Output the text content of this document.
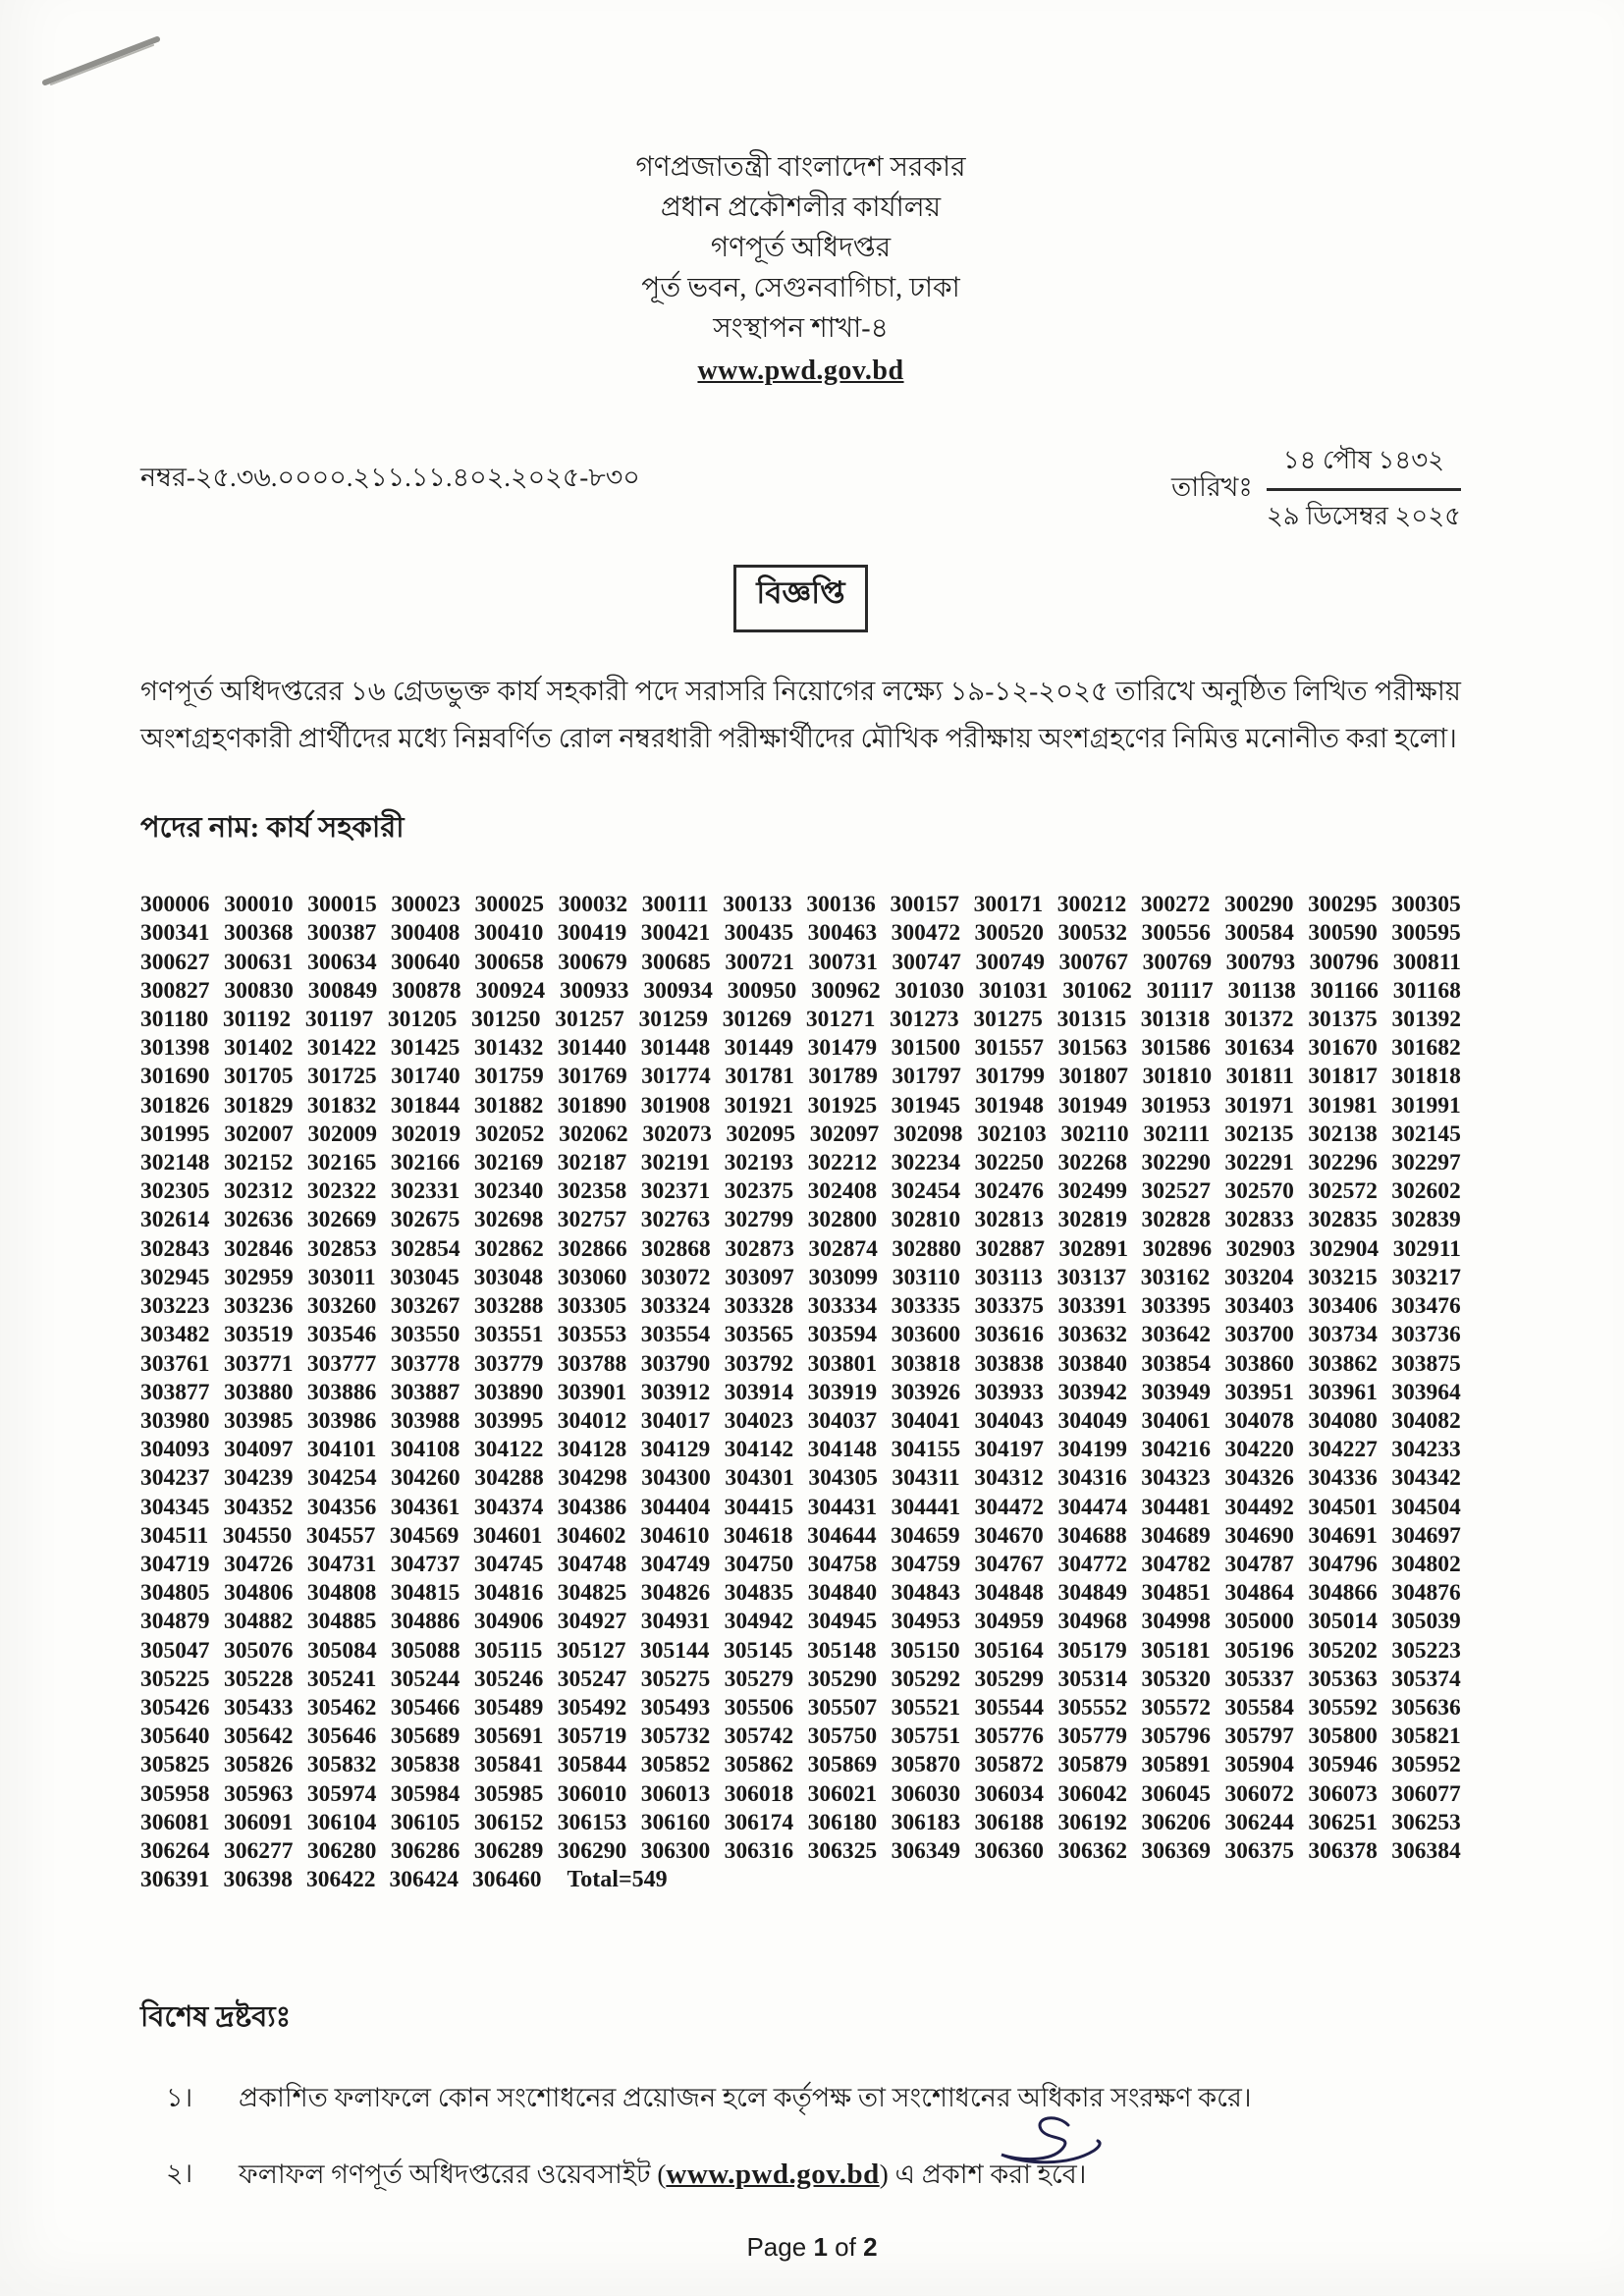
গণপ্রজাতন্ত্রী বাংলাদেশ সরকার
প্রধান প্রকৌশলীর কার্যালয়
গণপূর্ত অধিদপ্তর
পূর্ত ভবন, সেগুনবাগিচা, ঢাকা
সংস্থাপন শাখা-৪
www.pwd.gov.bd
নম্বর-২৫.৩৬.০০০০.২১১.১১.৪০২.২০২৫-৮৩০	তারিখঃ
১৪ পৌষ ১৪৩২
২৯ ডিসেম্বর ২০২৫
বিজ্ঞপ্তি

গণপূর্ত অধিদপ্তরের ১৬ গ্রেডভুক্ত কার্য সহকারী পদে সরাসরি নিয়োগের লক্ষ্যে ১৯-১২-২০২৫ তারিখে অনুষ্ঠিত লিখিত পরীক্ষায় অংশগ্রহণকারী প্রার্থীদের মধ্যে নিম্নবর্ণিত রোল নম্বরধারী পরীক্ষার্থীদের মৌখিক পরীক্ষায় অংশগ্রহণের নিমিত্ত মনোনীত করা হলো।

পদের নাম: কার্য সহকারী
300006 300010 300015 300023 300025 300032 300111 300133 300136 300157 300171 300212 300272 300290 300295 300305
300341 300368 300387 300408 300410 300419 300421 300435 300463 300472 300520 300532 300556 300584 300590 300595
300627 300631 300634 300640 300658 300679 300685 300721 300731 300747 300749 300767 300769 300793 300796 300811
300827 300830 300849 300878 300924 300933 300934 300950 300962 301030 301031 301062 301117 301138 301166 301168
301180 301192 301197 301205 301250 301257 301259 301269 301271 301273 301275 301315 301318 301372 301375 301392
301398 301402 301422 301425 301432 301440 301448 301449 301479 301500 301557 301563 301586 301634 301670 301682
301690 301705 301725 301740 301759 301769 301774 301781 301789 301797 301799 301807 301810 301811 301817 301818
301826 301829 301832 301844 301882 301890 301908 301921 301925 301945 301948 301949 301953 301971 301981 301991
301995 302007 302009 302019 302052 302062 302073 302095 302097 302098 302103 302110 302111 302135 302138 302145
302148 302152 302165 302166 302169 302187 302191 302193 302212 302234 302250 302268 302290 302291 302296 302297
302305 302312 302322 302331 302340 302358 302371 302375 302408 302454 302476 302499 302527 302570 302572 302602
302614 302636 302669 302675 302698 302757 302763 302799 302800 302810 302813 302819 302828 302833 302835 302839
302843 302846 302853 302854 302862 302866 302868 302873 302874 302880 302887 302891 302896 302903 302904 302911
302945 302959 303011 303045 303048 303060 303072 303097 303099 303110 303113 303137 303162 303204 303215 303217
303223 303236 303260 303267 303288 303305 303324 303328 303334 303335 303375 303391 303395 303403 303406 303476
303482 303519 303546 303550 303551 303553 303554 303565 303594 303600 303616 303632 303642 303700 303734 303736
303761 303771 303777 303778 303779 303788 303790 303792 303801 303818 303838 303840 303854 303860 303862 303875
303877 303880 303886 303887 303890 303901 303912 303914 303919 303926 303933 303942 303949 303951 303961 303964
303980 303985 303986 303988 303995 304012 304017 304023 304037 304041 304043 304049 304061 304078 304080 304082
304093 304097 304101 304108 304122 304128 304129 304142 304148 304155 304197 304199 304216 304220 304227 304233
304237 304239 304254 304260 304288 304298 304300 304301 304305 304311 304312 304316 304323 304326 304336 304342
304345 304352 304356 304361 304374 304386 304404 304415 304431 304441 304472 304474 304481 304492 304501 304504
304511 304550 304557 304569 304601 304602 304610 304618 304644 304659 304670 304688 304689 304690 304691 304697
304719 304726 304731 304737 304745 304748 304749 304750 304758 304759 304767 304772 304782 304787 304796 304802
304805 304806 304808 304815 304816 304825 304826 304835 304840 304843 304848 304849 304851 304864 304866 304876
304879 304882 304885 304886 304906 304927 304931 304942 304945 304953 304959 304968 304998 305000 305014 305039
305047 305076 305084 305088 305115 305127 305144 305145 305148 305150 305164 305179 305181 305196 305202 305223
305225 305228 305241 305244 305246 305247 305275 305279 305290 305292 305299 305314 305320 305337 305363 305374
305426 305433 305462 305466 305489 305492 305493 305506 305507 305521 305544 305552 305572 305584 305592 305636
305640 305642 305646 305689 305691 305719 305732 305742 305750 305751 305776 305779 305796 305797 305800 305821
305825 305826 305832 305838 305841 305844 305852 305862 305869 305870 305872 305879 305891 305904 305946 305952
305958 305963 305974 305984 305985 306010 306013 306018 306021 306030 306034 306042 306045 306072 306073 306077
306081 306091 306104 306105 306152 306153 306160 306174 306180 306183 306188 306192 306206 306244 306251 306253
306264 306277 306280 306286 306289 306290 306300 306316 306325 306349 306360 306362 306369 306375 306378 306384
306391 306398 306422 306424 306460 Total=549
বিশেষ দ্রষ্টব্যঃ
১।	প্রকাশিত ফলাফলে কোন সংশোধনের প্রয়োজন হলে কর্তৃপক্ষ তা সংশোধনের অধিকার সংরক্ষণ করে।
২।	ফলাফল গণপূর্ত অধিদপ্তরের ওয়েবসাইট (www.pwd.gov.bd) এ প্রকাশ করা হবে।
Page 1 of 2
